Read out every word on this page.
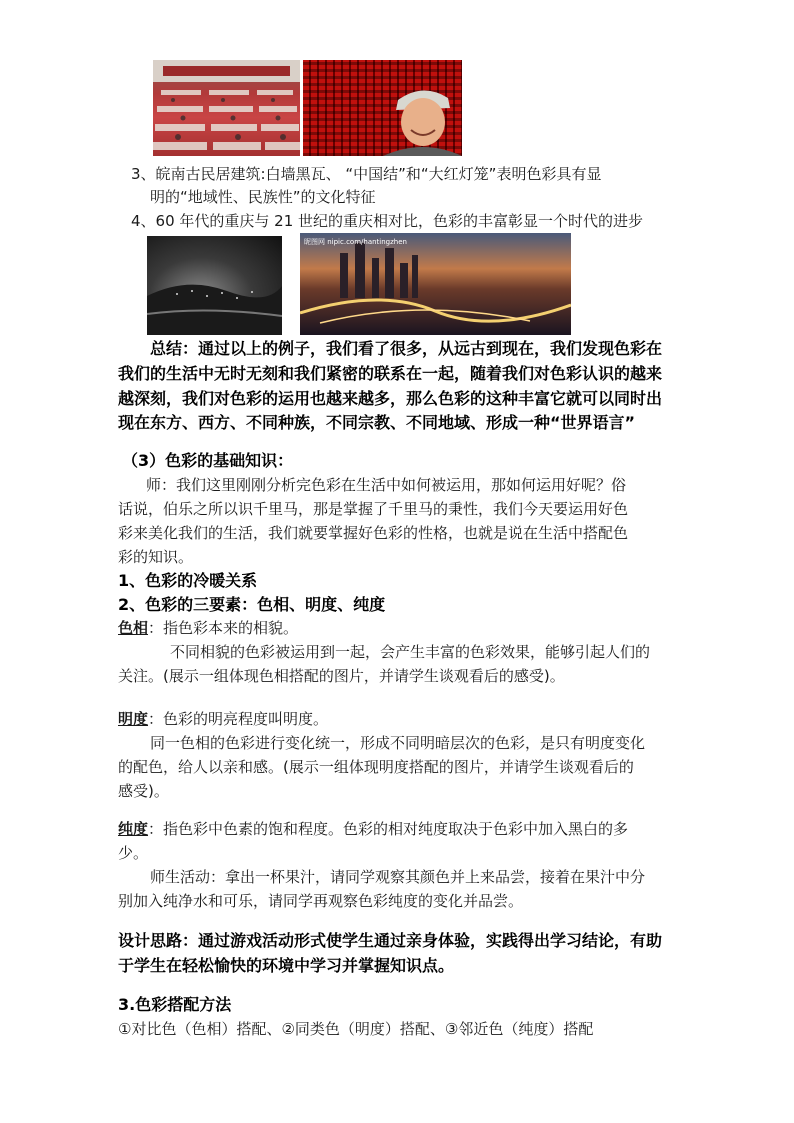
3、皖南古民居建筑:白墙黑瓦、 “中国结”和“大红灯笼”表明色彩具有显
明的“地域性、民族性”的文化特征
4、60 年代的重庆与 21 世纪的重庆相对比，色彩的丰富彰显一个时代的进步
昵图网 nipic.com/hantingzhen
总结：通过以上的例子，我们看了很多，从远古到现在，我们发现色彩在
我们的生活中无时无刻和我们紧密的联系在一起，随着我们对色彩认识的越来
越深刻，我们对色彩的运用也越来越多，那么色彩的这种丰富它就可以同时出
现在东方、西方、不同种族，不同宗教、不同地域、形成一种“世界语言”
（3）色彩的基础知识：
师：我们这里刚刚分析完色彩在生活中如何被运用，那如何运用好呢？俗
话说，伯乐之所以识千里马，那是掌握了千里马的秉性，我们今天要运用好色
彩来美化我们的生活，我们就要掌握好色彩的性格，也就是说在生活中搭配色
彩的知识。
1、色彩的冷暖关系
2、色彩的三要素：色相、明度、纯度
色相：指色彩本来的相貌。
不同相貌的色彩被运用到一起，会产生丰富的色彩效果，能够引起人们的
关注。(展示一组体现色相搭配的图片，并请学生谈观看后的感受)。
明度：色彩的明亮程度叫明度。
同一色相的色彩进行变化统一，形成不同明暗层次的色彩，是只有明度变化
的配色，给人以亲和感。(展示一组体现明度搭配的图片，并请学生谈观看后的
感受)。
纯度：指色彩中色素的饱和程度。色彩的相对纯度取决于色彩中加入黑白的多
少。
师生活动：拿出一杯果汁，请同学观察其颜色并上来品尝，接着在果汁中分
别加入纯净水和可乐，请同学再观察色彩纯度的变化并品尝。
设计思路：通过游戏活动形式使学生通过亲身体验，实践得出学习结论，有助
于学生在轻松愉快的环境中学习并掌握知识点。
3.色彩搭配方法
①对比色（色相）搭配、②同类色（明度）搭配、③邻近色（纯度）搭配
